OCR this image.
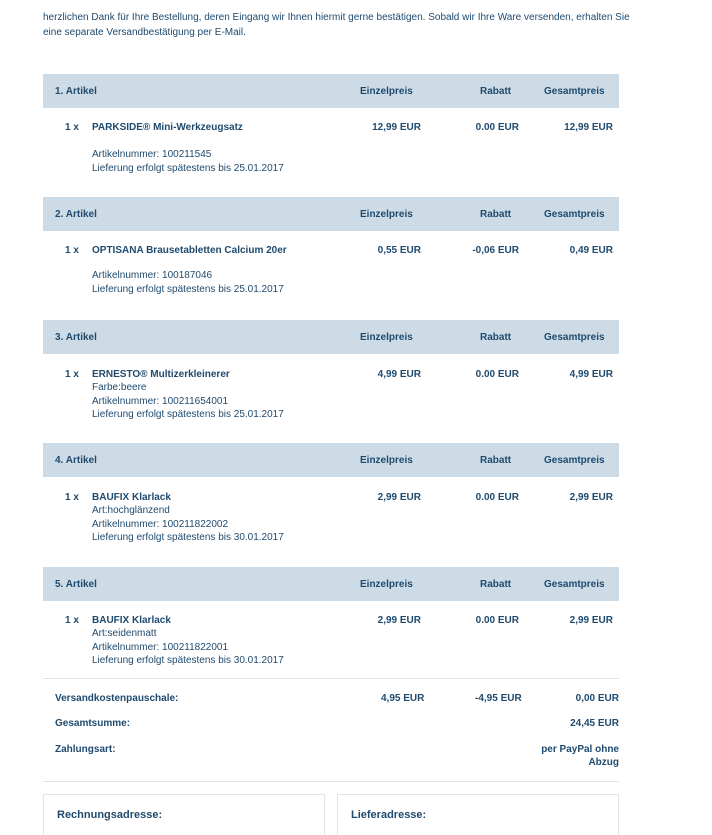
herzlichen Dank für Ihre Bestellung, deren Eingang wir Ihnen hiermit gerne bestätigen. Sobald wir Ihre Ware versenden, erhalten Sie eine separate Versandbestätigung per E-Mail.
1. Artikel	Einzelpreis	Rabatt	Gesamtpreis
1 x PARKSIDE® Mini-Werkzeugsatz
Artikelnummer: 100211545
Lieferung erfolgt spätestens bis 25.01.2017
12,99 EUR	0.00 EUR	12,99 EUR
2. Artikel	Einzelpreis	Rabatt	Gesamtpreis
1 x OPTISANA Brausetabletten Calcium 20er
Artikelnummer: 100187046
Lieferung erfolgt spätestens bis 25.01.2017
0,55 EUR	-0,06 EUR	0,49 EUR
3. Artikel	Einzelpreis	Rabatt	Gesamtpreis
1 x ERNESTO® Multizerkleinerer
Farbe:beere
Artikelnummer: 100211654001
Lieferung erfolgt spätestens bis 25.01.2017
4,99 EUR	0.00 EUR	4,99 EUR
4. Artikel	Einzelpreis	Rabatt	Gesamtpreis
1 x BAUFIX Klarlack
Art:hochglänzend
Artikelnummer: 100211822002
Lieferung erfolgt spätestens bis 30.01.2017
2,99 EUR	0.00 EUR	2,99 EUR
5. Artikel	Einzelpreis	Rabatt	Gesamtpreis
1 x BAUFIX Klarlack
Art:seidenmatt
Artikelnummer: 100211822001
Lieferung erfolgt spätestens bis 30.01.2017
2,99 EUR	0.00 EUR	2,99 EUR
Versandkostenpauschale:	4,95 EUR	-4,95 EUR	0,00 EUR
Gesamtsumme:	24,45 EUR
Zahlungsart:	per PayPal ohne
Abzug
Rechnungsadresse:	Lieferadresse:
